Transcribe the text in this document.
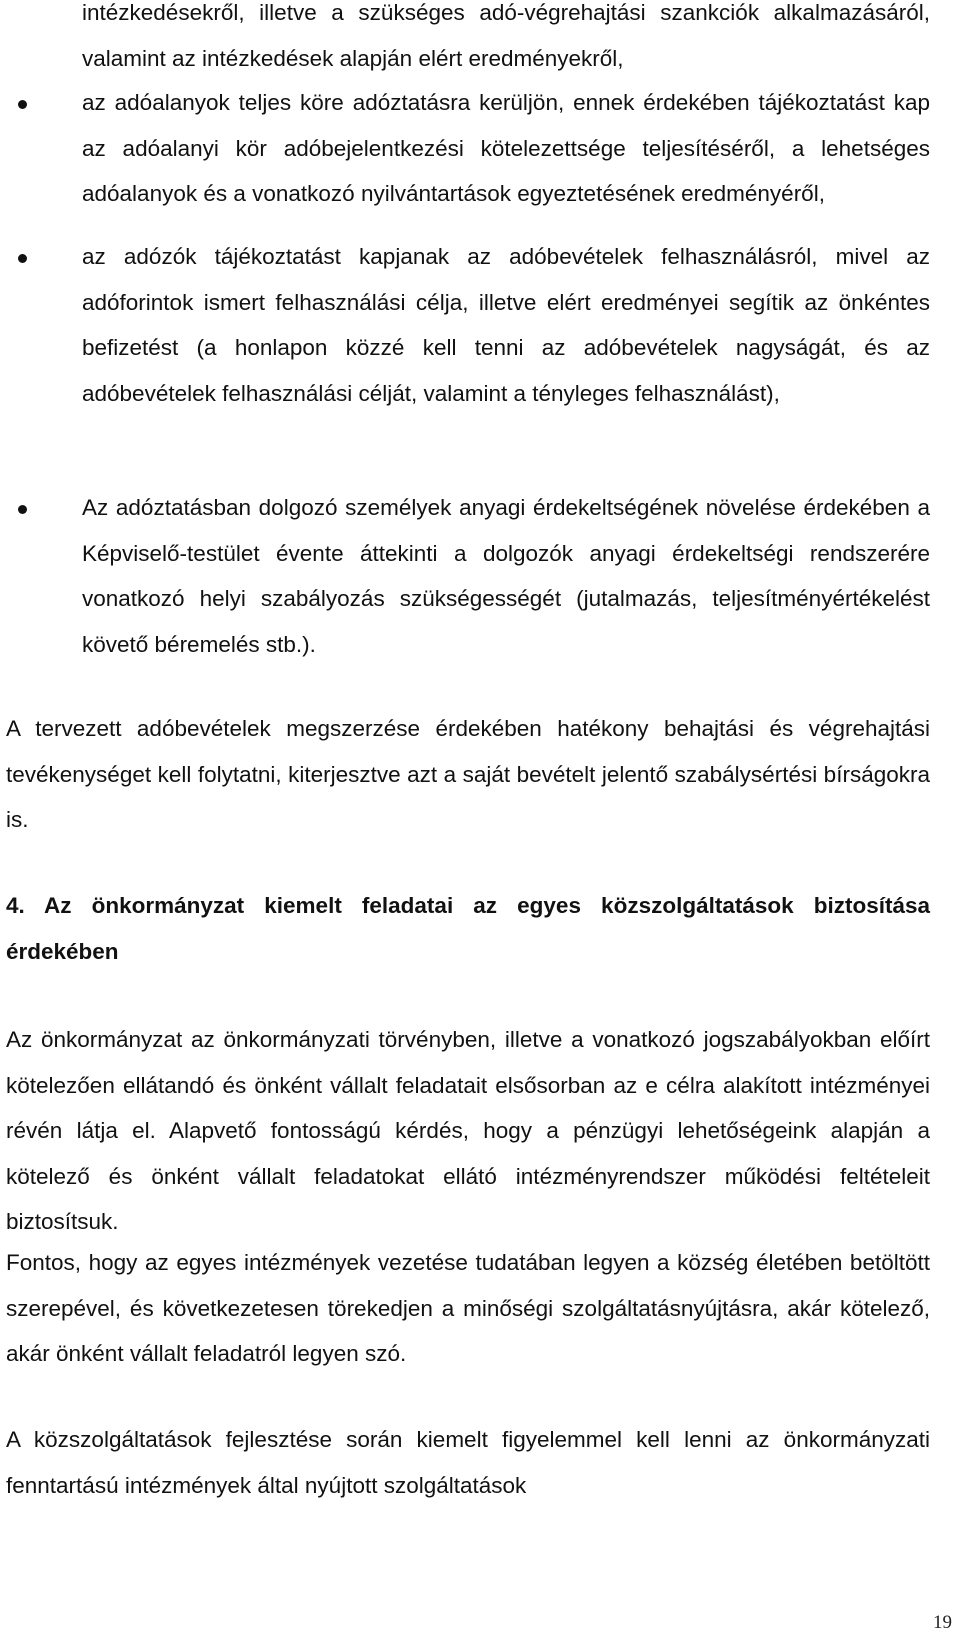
intézkedésekről, illetve a szükséges adó-végrehajtási szankciók alkalmazásáról, valamint az intézkedések alapján elért eredményekről,
az adóalanyok teljes köre adóztatásra kerüljön, ennek érdekében tájékoztatást kap az adóalanyi kör adóbejelentkezési kötelezettsége teljesítéséről, a lehetséges adóalanyok és a vonatkozó nyilvántartások egyeztetésének eredményéről,
az adózók tájékoztatást kapjanak az adóbevételek felhasználásról, mivel az adóforintok ismert felhasználási célja, illetve elért eredményei segítik az önkéntes befizetést (a honlapon közzé kell tenni az adóbevételek nagyságát, és az adóbevételek felhasználási célját, valamint a tényleges felhasználást),
Az adóztatásban dolgozó személyek anyagi érdekeltségének növelése érdekében a Képviselő-testület évente áttekinti a dolgozók anyagi érdekeltségi rendszerére vonatkozó helyi szabályozás szükségességét (jutalmazás, teljesítményértékelést követő béremelés stb.).
A tervezett adóbevételek megszerzése érdekében hatékony behajtási és végrehajtási tevékenységet kell folytatni, kiterjesztve azt a saját bevételt jelentő szabálysértési bírságokra is.
4. Az önkormányzat kiemelt feladatai az egyes közszolgáltatások biztosítása érdekében
Az önkormányzat az önkormányzati törvényben, illetve a vonatkozó jogszabályokban előírt kötelezően ellátandó és önként vállalt feladatait elsősorban az e célra alakított intézményei révén látja el. Alapvető fontosságú kérdés, hogy a pénzügyi lehetőségeink alapján a kötelező és önként vállalt feladatokat ellátó intézményrendszer működési feltételeit biztosítsuk.
Fontos, hogy az egyes intézmények vezetése tudatában legyen a község életében betöltött szerepével, és következetesen törekedjen a minőségi szolgáltatásnyújtásra, akár kötelező, akár önként vállalt feladatról legyen szó.
A közszolgáltatások fejlesztése során kiemelt figyelemmel kell lenni az önkormányzati fenntartású intézmények által nyújtott szolgáltatások
19
